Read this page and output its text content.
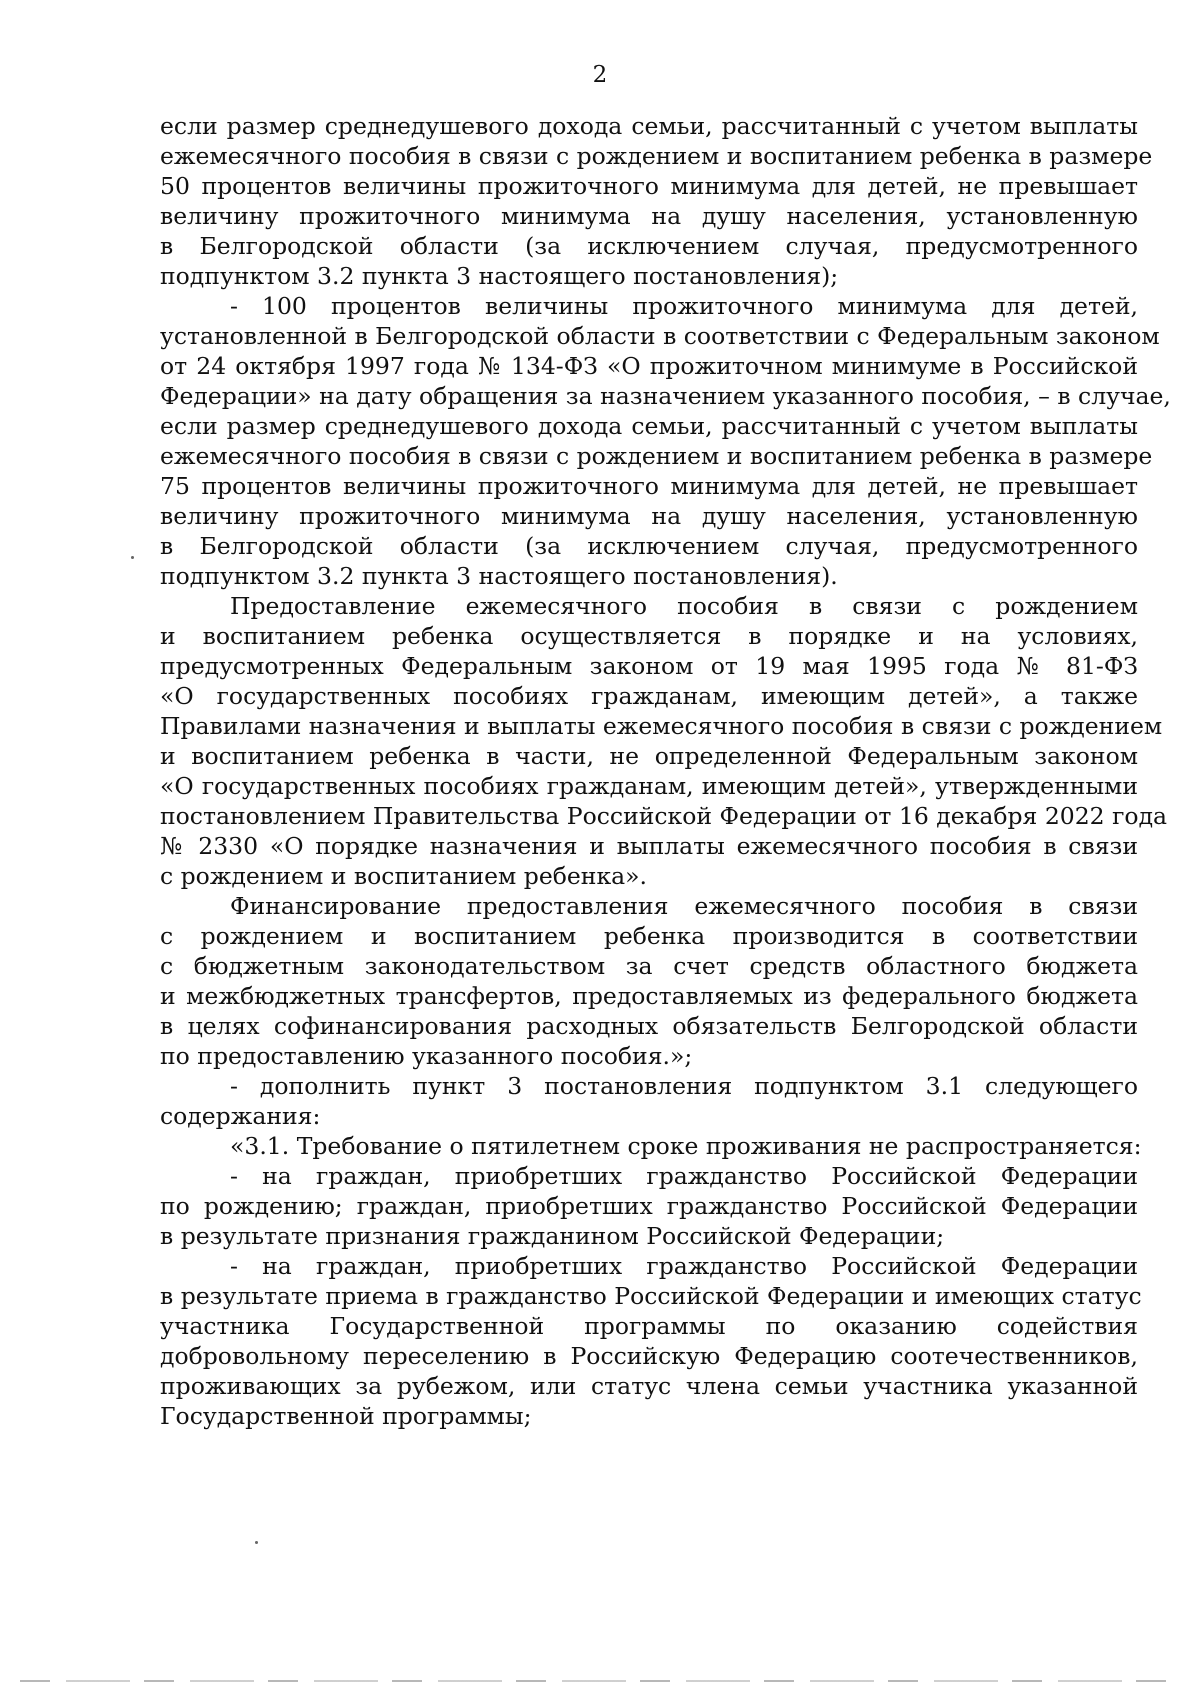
2
если размер среднедушевого дохода семьи, рассчитанный с учетом выплаты
ежемесячного пособия в связи с рождением и воспитанием ребенка в размере
50 процентов величины прожиточного минимума для детей, не превышает
величину прожиточного минимума на душу населения, установленную
в Белгородской области (за исключением случая, предусмотренного
подпунктом 3.2 пункта 3 настоящего постановления);
- 100 процентов величины прожиточного минимума для детей,
установленной в Белгородской области в соответствии с Федеральным законом
от 24 октября 1997 года № 134-ФЗ «О прожиточном минимуме в Российской
Федерации» на дату обращения за назначением указанного пособия, – в случае,
если размер среднедушевого дохода семьи, рассчитанный с учетом выплаты
ежемесячного пособия в связи с рождением и воспитанием ребенка в размере
75 процентов величины прожиточного минимума для детей, не превышает
величину прожиточного минимума на душу населения, установленную
в Белгородской области (за исключением случая, предусмотренного
подпунктом 3.2 пункта 3 настоящего постановления).
Предоставление ежемесячного пособия в связи с рождением
и воспитанием ребенка осуществляется в порядке и на условиях,
предусмотренных Федеральным законом от 19 мая 1995 года № 81-ФЗ
«О государственных пособиях гражданам, имеющим детей», а также
Правилами назначения и выплаты ежемесячного пособия в связи с рождением
и воспитанием ребенка в части, не определенной Федеральным законом
«О государственных пособиях гражданам, имеющим детей», утвержденными
постановлением Правительства Российской Федерации от 16 декабря 2022 года
№ 2330 «О порядке назначения и выплаты ежемесячного пособия в связи
с рождением и воспитанием ребенка».
Финансирование предоставления ежемесячного пособия в связи
с рождением и воспитанием ребенка производится в соответствии
с бюджетным законодательством за счет средств областного бюджета
и межбюджетных трансфертов, предоставляемых из федерального бюджета
в целях софинансирования расходных обязательств Белгородской области
по предоставлению указанного пособия.»;
- дополнить пункт 3 постановления подпунктом 3.1 следующего
содержания:
«3.1. Требование о пятилетнем сроке проживания не распространяется:
- на граждан, приобретших гражданство Российской Федерации
по рождению; граждан, приобретших гражданство Российской Федерации
в результате признания гражданином Российской Федерации;
- на граждан, приобретших гражданство Российской Федерации
в результате приема в гражданство Российской Федерации и имеющих статус
участника Государственной программы по оказанию содействия
добровольному переселению в Российскую Федерацию соотечественников,
проживающих за рубежом, или статус члена семьи участника указанной
Государственной программы;
